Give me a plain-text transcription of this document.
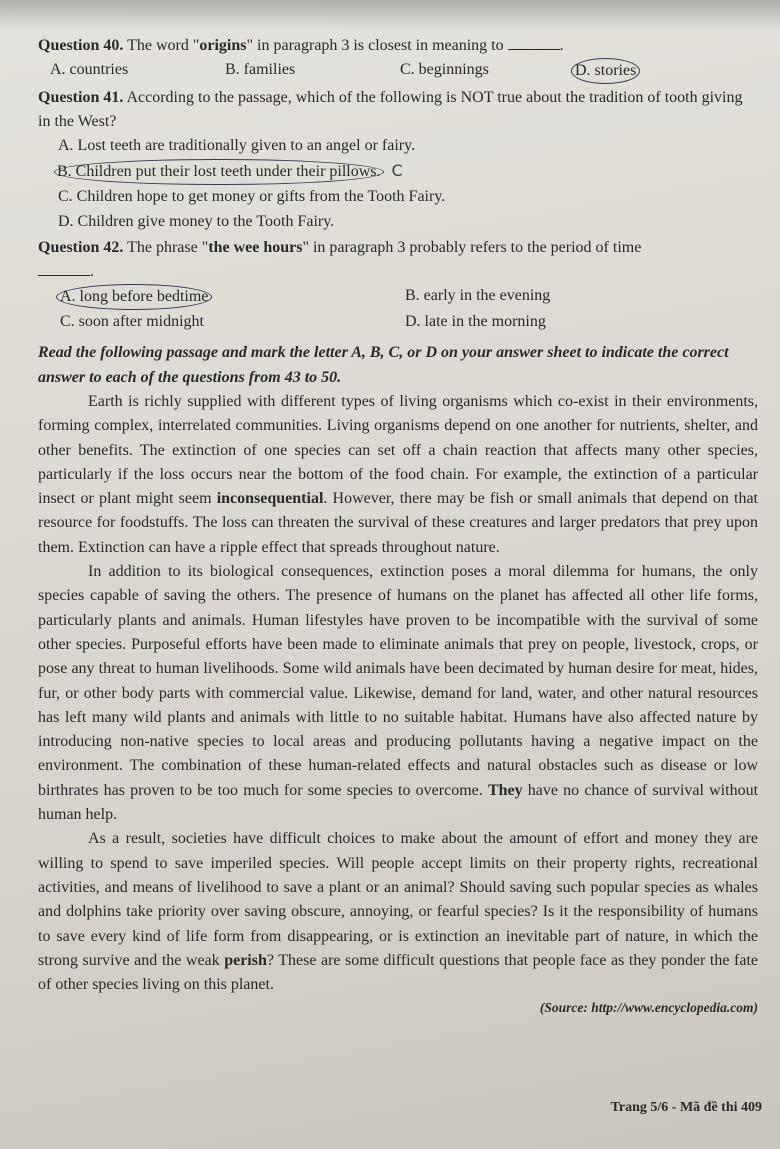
Question 40. The word "origins" in paragraph 3 is closest in meaning to	.

A. countries	B. families	C. beginnings	D. stories

Question 41. According to the passage, which of the following is NOT true about the tradition of tooth giving in the West?

A. Lost teeth are traditionally given to an angel or fairy.
B. Children put their lost teeth under their pillows. C
C. Children hope to get money or gifts from the Tooth Fairy.
D. Children give money to the Tooth Fairy.

Question 42. The phrase "the wee hours" in paragraph 3 probably refers to the period of time
.

A. long before bedtime	B. early in the evening
C. soon after midnight	D. late in the morning
Read the following passage and mark the letter A, B, C, or D on your answer sheet to indicate the correct answer to each of the questions from 43 to 50.

Earth is richly supplied with different types of living organisms which co-exist in their environments, forming complex, interrelated communities. Living organisms depend on one another for nutrients, shelter, and other benefits. The extinction of one species can set off a chain reaction that affects many other species, particularly if the loss occurs near the bottom of the food chain. For example, the extinction of a particular insect or plant might seem inconsequential. However, there may be fish or small animals that depend on that resource for foodstuffs. The loss can threaten the survival of these creatures and larger predators that prey upon them. Extinction can have a ripple effect that spreads throughout nature.

In addition to its biological consequences, extinction poses a moral dilemma for humans, the only species capable of saving the others. The presence of humans on the planet has affected all other life forms, particularly plants and animals. Human lifestyles have proven to be incompatible with the survival of some other species. Purposeful efforts have been made to eliminate animals that prey on people, livestock, crops, or pose any threat to human livelihoods. Some wild animals have been decimated by human desire for meat, hides, fur, or other body parts with commercial value. Likewise, demand for land, water, and other natural resources has left many wild plants and animals with little to no suitable habitat. Humans have also affected nature by introducing non-native species to local areas and producing pollutants having a negative impact on the environment. The combination of these human-related effects and natural obstacles such as disease or low birthrates has proven to be too much for some species to overcome. They have no chance of survival without human help.

As a result, societies have difficult choices to make about the amount of effort and money they are willing to spend to save imperiled species. Will people accept limits on their property rights, recreational activities, and means of livelihood to save a plant or an animal? Should saving such popular species as whales and dolphins take priority over saving obscure, annoying, or fearful species? Is it the responsibility of humans to save every kind of life form from disappearing, or is extinction an inevitable part of nature, in which the strong survive and the weak perish? These are some difficult questions that people face as they ponder the fate of other species living on this planet.

(Source: http://www.encyclopedia.com)
Trang 5/6 - Mã đề thi 409
